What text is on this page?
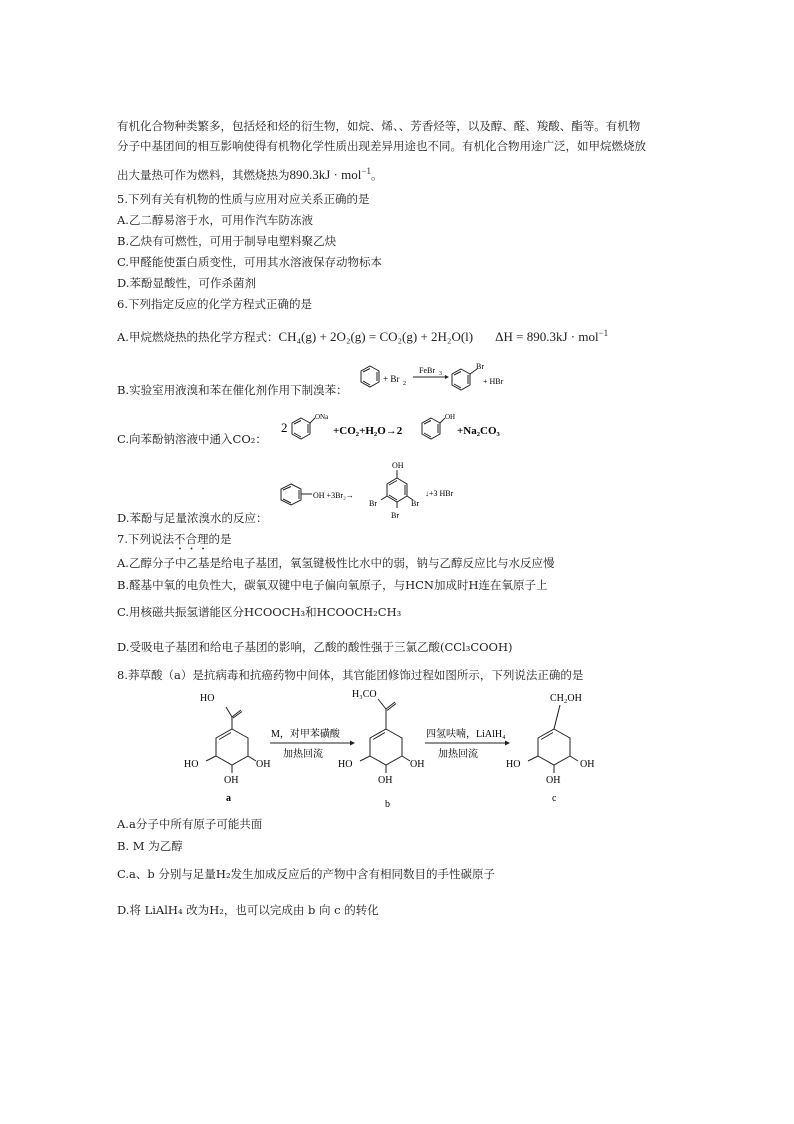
有机化合物种类繁多，包括烃和烃的衍生物，如烷、烯、、芳香烃等，以及醇、醛、羧酸、酯等。有机物
分子中基团间的相互影响使得有机物化学性质出现差异用途也不同。有机化合物用途广泛，如甲烷燃烧放
出大量热可作为燃料，其燃烧热为890.3kJ · mol$^{-1}$。
5.下列有关有机物的性质与应用对应关系正确的是
A.乙二醇易溶于水，可用作汽车防冻液
B.乙炔有可燃性，可用于制导电塑料聚乙炔
C.甲醛能使蛋白质变性，可用其水溶液保存动物标本
D.苯酚显酸性，可作杀菌剂
6.下列指定反应的化学方程式正确的是
A.甲烷燃烧热的热化学方程式：CH₄(g) + 2O₂(g) = CO₂(g) + 2H₂O(l) ΔH = 890.3kJ · mol$^{-1}$
+ Br 2
FeBr 3
Br
+ HBr
B.实验室用液溴和苯在催化剂作用下制溴苯：
2
ONa
+CO₂+H₂O→2
OH
+Na₂CO₃
C.向苯酚钠溶液中通入CO₂：
OH +3Br₂→
OH
Br	Br
Br
↓+3 HBr
D.苯酚与足量浓溴水的反应：
7.下列说法不合理的是
A.乙醇分子中乙基是给电子基团，氧氢键极性比水中的弱，钠与乙醇反应比与水反应慢
B.醛基中氧的电负性大，碳氧双键中电子偏向氧原子，与HCN加成时H连在氧原子上
C.用核磁共振氢谱能区分HCOOCH₃和HCOOCH₂CH₃
D.受吸电子基团和给电子基团的影响，乙酸的酸性强于三氯乙酸(CCl₃COOH)
8.莽草酸（a）是抗病毒和抗癌药物中间体，其官能团修饰过程如图所示，下列说法正确的是
HO
HO	OH
OH
a
M，对甲苯磺酸
加热回流
H₃CO
HO	OH
OH
b
四氢呋喃，LiAlH₄
加热回流
CH₂OH
HO	OH
OH
c
A.a分子中所有原子可能共面
B. M 为乙醇
C.a、b 分别与足量H₂发生加成反应后的产物中含有相同数目的手性碳原子
D.将 LiAlH₄ 改为H₂，也可以完成由 b 向 c 的转化
